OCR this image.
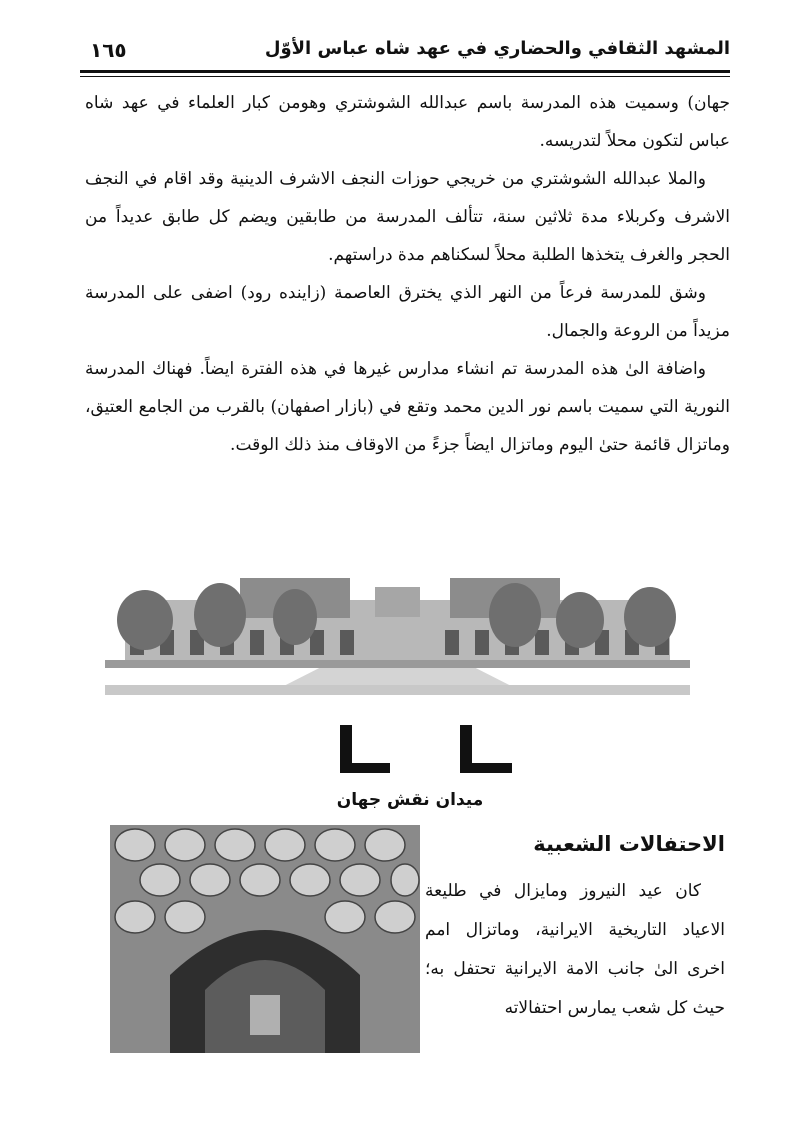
المشهد الثقافي والحضاري في عهد شاه عباس الأوّل
١٦٥

جهان) وسميت هذه المدرسة باسم عبدالله الشوشتري وهومن كبار العلماء في عهد شاه عباس لتكون محلاً لتدريسه.

والملا عبدالله الشوشتري من خريجي حوزات النجف الاشرف الدينية وقد اقام في النجف الاشرف وكربلاء مدة ثلاثين سنة، تتألف المدرسة من طابقين ويضم كل طابق عديداً من الحجر والغرف يتخذها الطلبة محلاً لسكناهم مدة دراستهم.

وشق للمدرسة فرعاً من النهر الذي يخترق العاصمة (زاينده رود) اضفى على المدرسة مزيداً من الروعة والجمال.

واضافة الىٰ هذه المدرسة تم انشاء مدارس غيرها في هذه الفترة ايضاً. فهناك المدرسة النورية التي سميت باسم نور الدين محمد وتقع في (بازار اصفهان) بالقرب من الجامع العتيق، وماتزال قائمة حتىٰ اليوم وماتزال ايضاً جزءً من الاوقاف منذ ذلك الوقت.

ميدان نقش جهان
الاحتفالات الشعبية

كان عيد النيروز ومايزال في طليعة الاعياد التاريخية الايرانية، وماتزال امم اخرى الىٰ جانب الامة الايرانية تحتفل به؛ حيث كل شعب يمارس احتفالاته
